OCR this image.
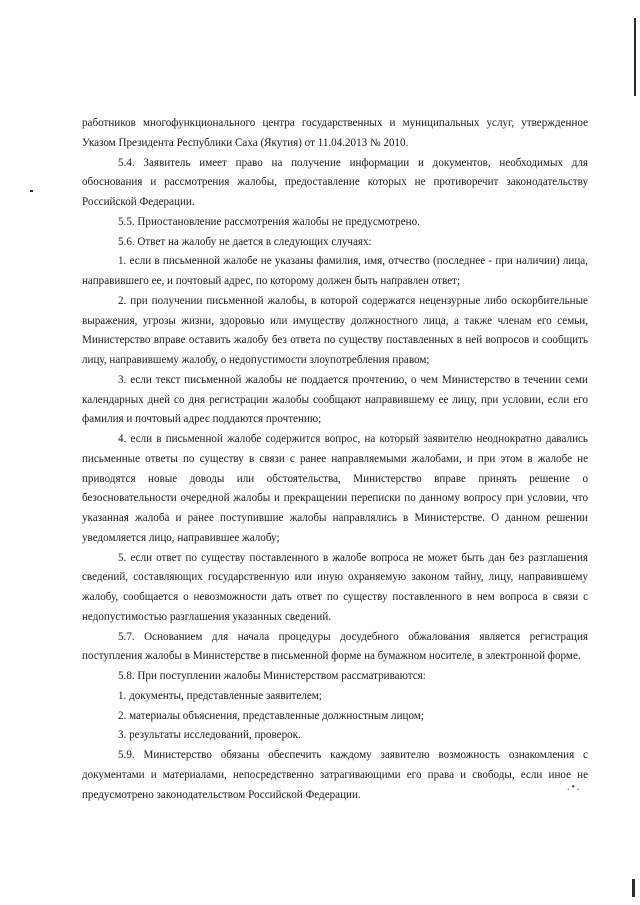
.•.

работников многофункционального центра государственных и муниципальных услуг, утвержденное Указом Президента Республики Саха (Якутия) от 11.04.2013 № 2010.

5.4. Заявитель имеет право на получение информации и документов, необходимых для обоснования и рассмотрения жалобы, предоставление которых не противоречит законодательству Российской Федерации.

5.5. Приостановление рассмотрения жалобы не предусмотрено.

5.6. Ответ на жалобу не дается в следующих случаях:

1. если в письменной жалобе не указаны фамилия, имя, отчество (последнее - при наличии) лица, направившего ее, и почтовый адрес, по которому должен быть направлен ответ;

2. при получении письменной жалобы, в которой содержатся нецензурные либо оскорбительные выражения, угрозы жизни, здоровью или имуществу должностного лица, а также членам его семьи, Министерство вправе оставить жалобу без ответа по существу поставленных в ней вопросов и сообщить лицу, направившему жалобу, о недопустимости злоупотребления правом;

3. если текст письменной жалобы не поддается прочтению, о чем Министерство в течении семи календарных дней со дня регистрации жалобы сообщают направившему ее лицу, при условии, если его фамилия и почтовый адрес поддаются прочтению;

4. если в письменной жалобе содержится вопрос, на который заявителю неоднократно давались письменные ответы по существу в связи с ранее направляемыми жалобами, и при этом в жалобе не приводятся новые доводы или обстоятельства, Министерство вправе принять решение о безосновательности очередной жалобы и прекращении переписки по данному вопросу при условии, что указанная жалоба и ранее поступившие жалобы направлялись в Министерстве. О данном решении уведомляется лицо, направившее жалобу;

5. если ответ по существу поставленного в жалобе вопроса не может быть дан без разглашения сведений, составляющих государственную или иную охраняемую законом тайну, лицу, направившему жалобу, сообщается о невозможности дать ответ по существу поставленного в нем вопроса в связи с недопустимостью разглашения указанных сведений.

5.7. Основанием для начала процедуры досудебного обжалования является регистрация поступления жалобы в Министерстве в письменной форме на бумажном носителе, в электронной форме.

5.8. При поступлении жалобы Министерством рассматриваются:

1. документы, представленные заявителем;

2. материалы объяснения, представленные должностным лицом;

3. результаты исследований, проверок.

5.9. Министерство обязаны обеспечить каждому заявителю возможность ознакомления с документами и материалами, непосредственно затрагивающими его права и свободы, если иное не предусмотрено законодательством Российской Федерации.
